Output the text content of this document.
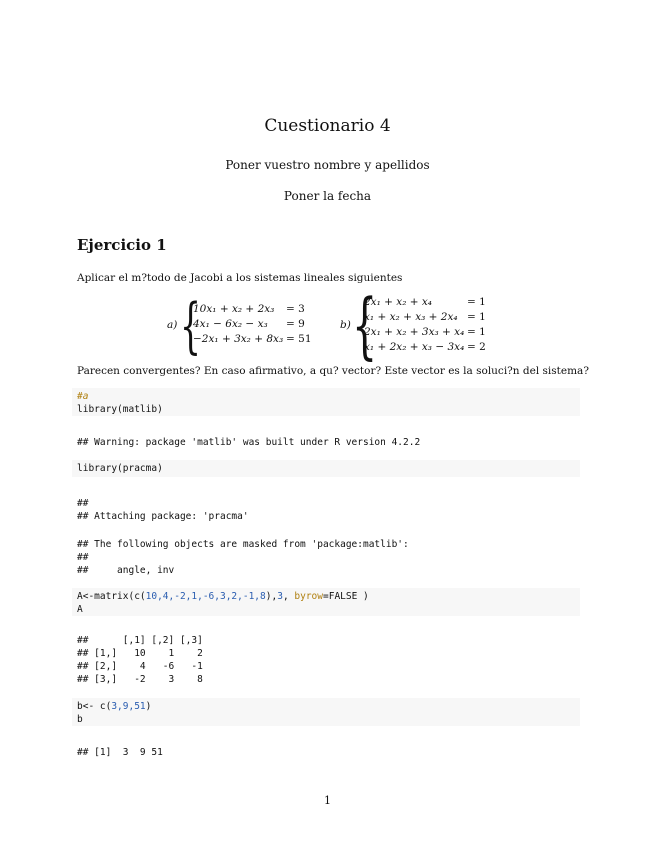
Cuestionario 4
Poner vuestro nombre y apellidos
Poner la fecha
Ejercicio 1
Aplicar el m?todo de Jacobi a los sistemas lineales siguientes
a) {
10x₁ + x₂ + 2x₃ = 3
4x₁ − 6x₂ − x₃ = 9
−2x₁ + 3x₂ + 8x₃ = 51
b) {
2x₁ + x₂ + x₄	= 1
x₁ + x₂ + x₃ + 2x₄ = 1
2x₁ + x₂ + 3x₃ + x₄ = 1
x₁ + 2x₂ + x₃ − 3x₄ = 2
Parecen convergentes? En caso afirmativo, a qu? vector? Este vector es la soluci?n del sistema?
#a
library(matlib)
## Warning: package 'matlib' was built under R version 4.2.2
library(pracma)
##
## Attaching package: 'pracma'
## The following objects are masked from 'package:matlib':
##
##     angle, inv
A<-matrix(c(10,4,-2,1,-6,3,2,-1,8),3, byrow=FALSE )
A
##      [,1] [,2] [,3]
## [1,]   10    1    2
## [2,]    4   -6   -1
## [3,]   -2    3    8
b<- c(3,9,51)
b
## [1]  3  9 51
1
